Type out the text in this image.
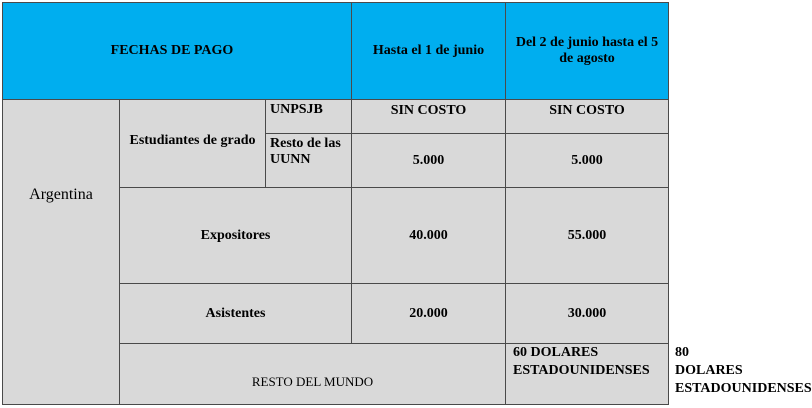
FECHAS DE PAGO			Hasta el 1 de junio	Del 2 de junio hasta el 5 de agosto	
Argentina	Estudiantes de grado	UNPSJB	SIN COSTO	SIN COSTO	
		Resto de las UUNN	5.000	5.000	
	Expositores		40.000	55.000	
	Asistentes		20.000	30.000	
	RESTO DEL MUNDO			60 DOLARES ESTADOUNIDENSES	80 DOLARES ESTADOUNIDENSES
